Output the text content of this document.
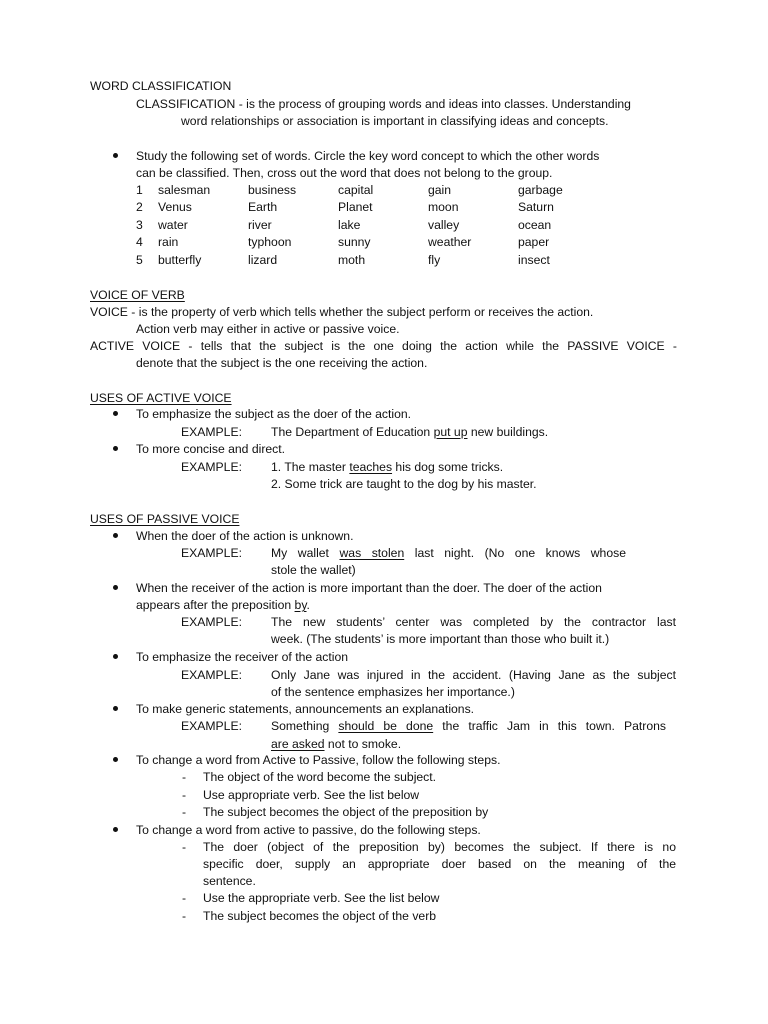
WORD CLASSIFICATION

CLASSIFICATION - is the process of grouping words and ideas into classes. Understanding

word relationships or association is important in classifying ideas and concepts.

Study the following set of words. Circle the key word concept to which the other words

can be classified. Then, cross out the word that does not belong to the group.

1	salesman	business	capital	gain	garbage
2	Venus	Earth	Planet	moon	Saturn
3	water	river	lake	valley	ocean
4	rain	typhoon	sunny	weather	paper
5	butterfly	lizard	moth	fly	insect

VOICE OF VERB

VOICE - is the property of verb which tells whether the subject perform or receives the action.

Action verb may either in active or passive voice.

ACTIVE VOICE - tells that the subject is the one doing the action while the PASSIVE VOICE -

denote that the subject is the one receiving the action.

USES OF ACTIVE VOICE

To emphasize the subject as the doer of the action.

EXAMPLE: The Department of Education put up new buildings.

To more concise and direct.

EXAMPLE: 1. The master teaches his dog some tricks.

2. Some trick are taught to the dog by his master.

USES OF PASSIVE VOICE

When the doer of the action is unknown.

EXAMPLE: My wallet was stolen last night. (No one knows whose

stole the wallet)

When the receiver of the action is more important than the doer. The doer of the action

appears after the preposition by.

EXAMPLE: The new students’ center was completed by the contractor last

week. (The students’ is more important than those who built it.)

To emphasize the receiver of the action

EXAMPLE: Only Jane was injured in the accident. (Having Jane as the subject

of the sentence emphasizes her importance.)

To make generic statements, announcements an explanations.

EXAMPLE: Something should be done the traffic Jam in this town. Patrons

are asked not to smoke.

To change a word from Active to Passive, follow the following steps.

- The object of the word become the subject.

- Use appropriate verb. See the list below

- The subject becomes the object of the preposition by

To change a word from active to passive, do the following steps.

- The doer (object of the preposition by) becomes the subject. If there is no

specific doer, supply an appropriate doer based on the meaning of the

sentence.

- Use the appropriate verb. See the list below

- The subject becomes the object of the verb
